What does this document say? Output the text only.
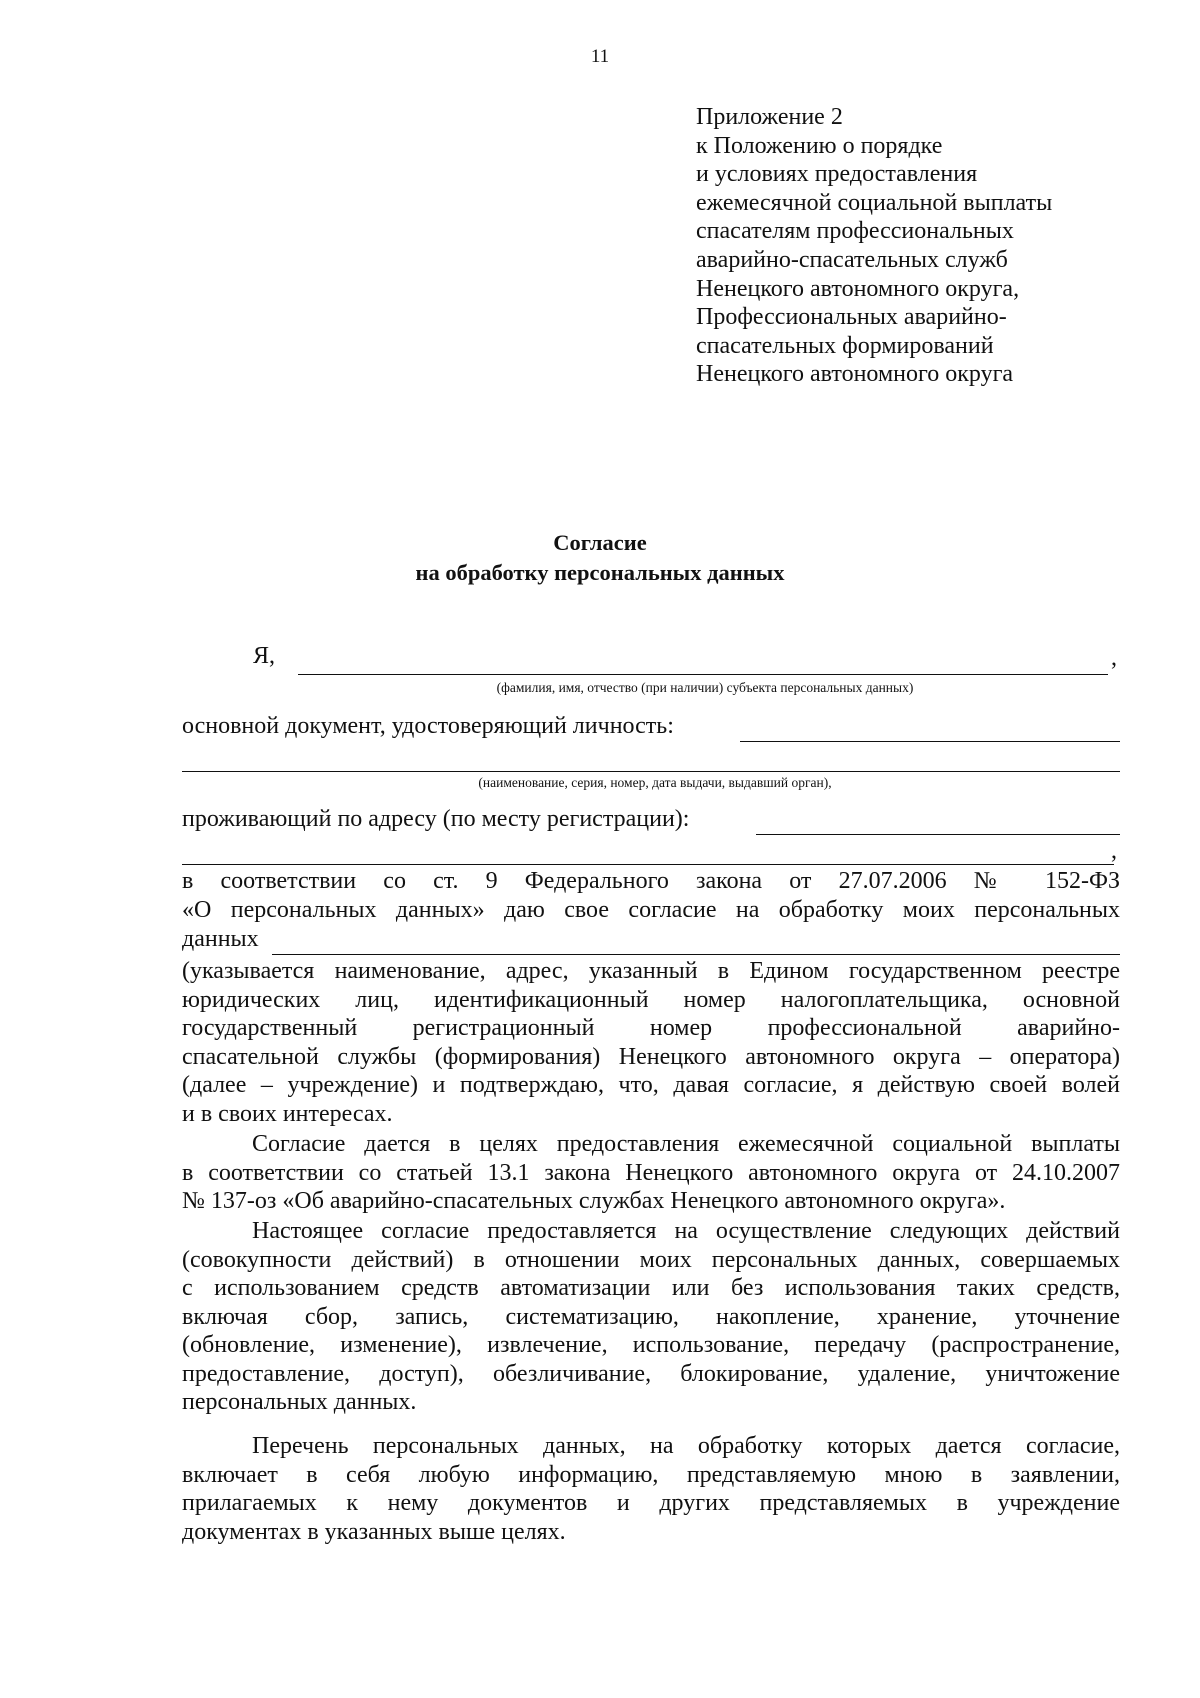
11
Приложение 2
к Положению о порядке
и условиях предоставления
ежемесячной социальной выплаты
спасателям профессиональных
аварийно-спасательных служб
Ненецкого автономного округа,
Профессиональных аварийно-
спасательных формирований
Ненецкого автономного округа
Согласие
на обработку персональных данных
Я,	,
(фамилия, имя, отчество (при наличии) субъекта персональных данных)
основной документ, удостоверяющий личность:
(наименование, серия, номер, дата выдачи, выдавший орган),
проживающий по адресу (по месту регистрации):
,
в соответствии со ст. 9 Федерального закона от 27.07.2006 № 152-ФЗ
«О персональных данных» даю свое согласие на обработку моих персональных
данных
(указывается наименование, адрес, указанный в Едином государственном реестре
юридических лиц, идентификационный номер налогоплательщика, основной
государственный регистрационный номер профессиональной аварийно-
спасательной службы (формирования) Ненецкого автономного округа – оператора)
(далее – учреждение) и подтверждаю, что, давая согласие, я действую своей волей
и в своих интересах.
Согласие дается в целях предоставления ежемесячной социальной выплаты
в соответствии со статьей 13.1 закона Ненецкого автономного округа от 24.10.2007
№ 137-оз «Об аварийно-спасательных службах Ненецкого автономного округа».
Настоящее согласие предоставляется на осуществление следующих действий
(совокупности действий) в отношении моих персональных данных, совершаемых
с использованием средств автоматизации или без использования таких средств,
включая сбор, запись, систематизацию, накопление, хранение, уточнение
(обновление, изменение), извлечение, использование, передачу (распространение,
предоставление, доступ), обезличивание, блокирование, удаление, уничтожение
персональных данных.
Перечень персональных данных, на обработку которых дается согласие,
включает в себя любую информацию, представляемую мною в заявлении,
прилагаемых к нему документов и других представляемых в учреждение
документах в указанных выше целях.
